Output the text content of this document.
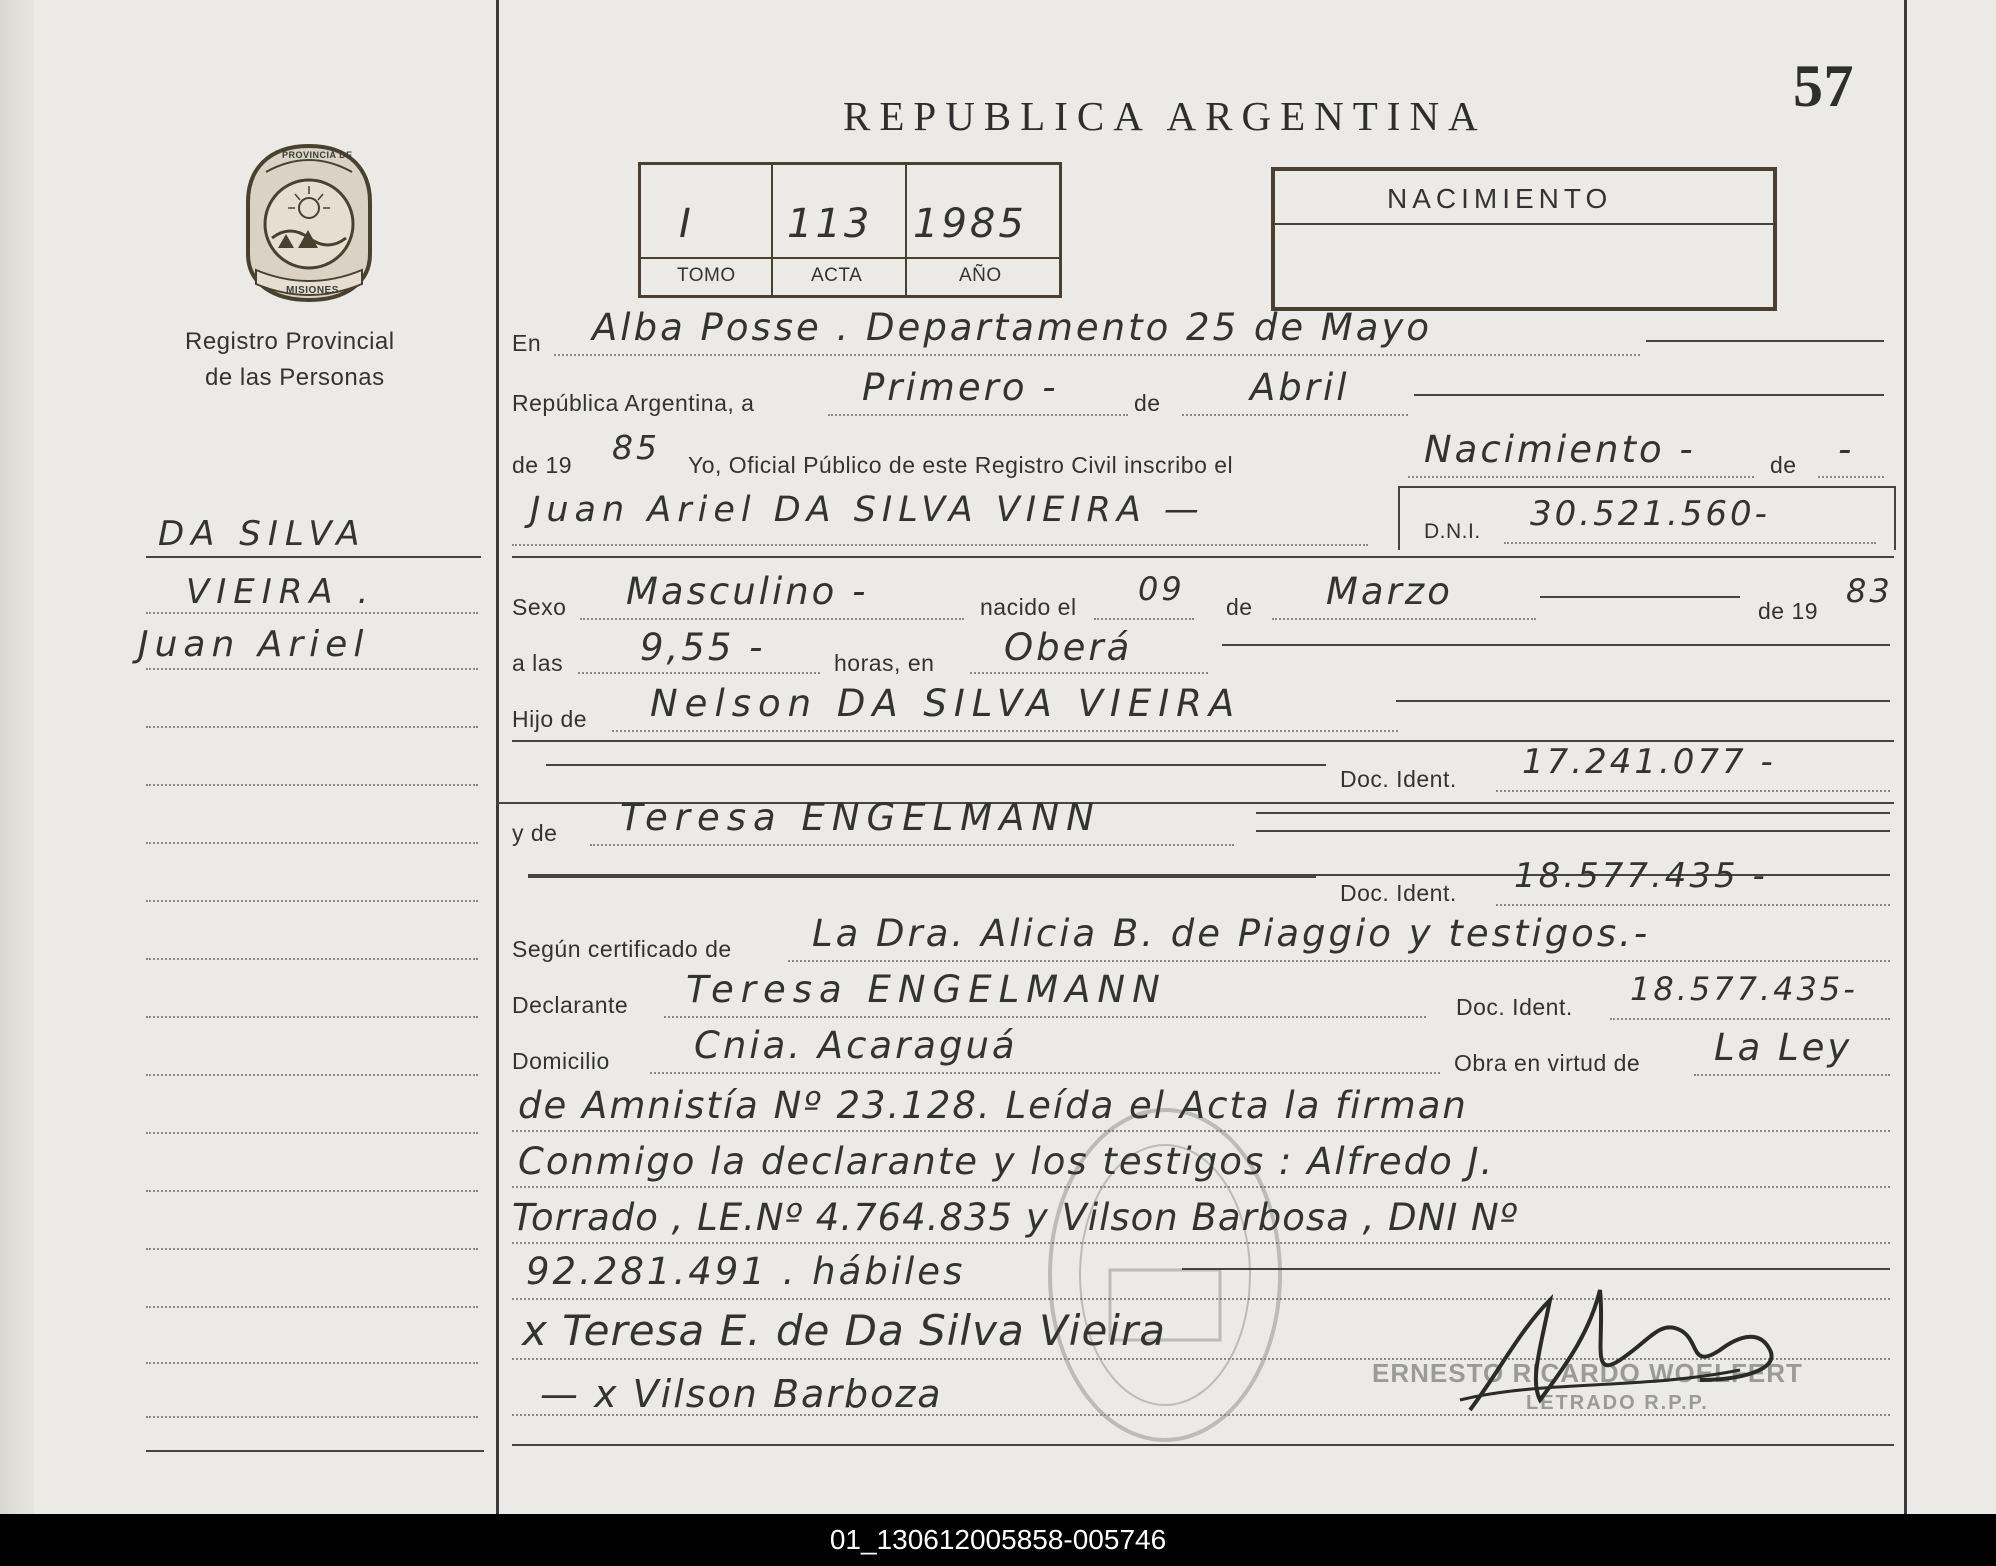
REPUBLICA ARGENTINA	57
PROVINCIA DE
MISIONES
Registro Provincial
de las Personas
DA SILVA
VIEIRA .
Juan Ariel
I 113 1985
TOMO	ACTA	AÑO
NACIMIENTO
En Alba Posse . Departamento 25 de Mayo
República Argentina, a	Primero -	de Abril
de 19 85 Yo, Oficial Público de este Registro Civil inscribo el	Nacimiento -	de -
Juan Ariel DA SILVA VIEIRA —
D.N.I. 30.521.560-
Sexo Masculino -	nacido el 09 de Marzo	de 19
83
a las 9,55 -	horas, en Oberá
Hijo de Nelson DA SILVA VIEIRA
Doc. Ident. 17.241.077 -
y de Teresa ENGELMANN
Doc. Ident. 18.577.435 -
Según certificado de La Dra. Alicia B. de Piaggio y testigos.-
Declarante Teresa ENGELMANN	Doc. Ident. 18.577.435-
Domicilio Cnia. Acaraguá	Obra en virtud de La Ley
de Amnistía Nº 23.128. Leída el Acta la firman
Conmigo la declarante y los testigos : Alfredo J.
Torrado , LE.Nº 4.764.835 y Vilson Barbosa , DNI Nº
92.281.491 . hábiles
x Teresa E. de Da Silva Vieira
— x Vilson Barboza	ERNESTO RICARDO WOELFERT
LETRADO R.P.P.
01_130612005858-005746
